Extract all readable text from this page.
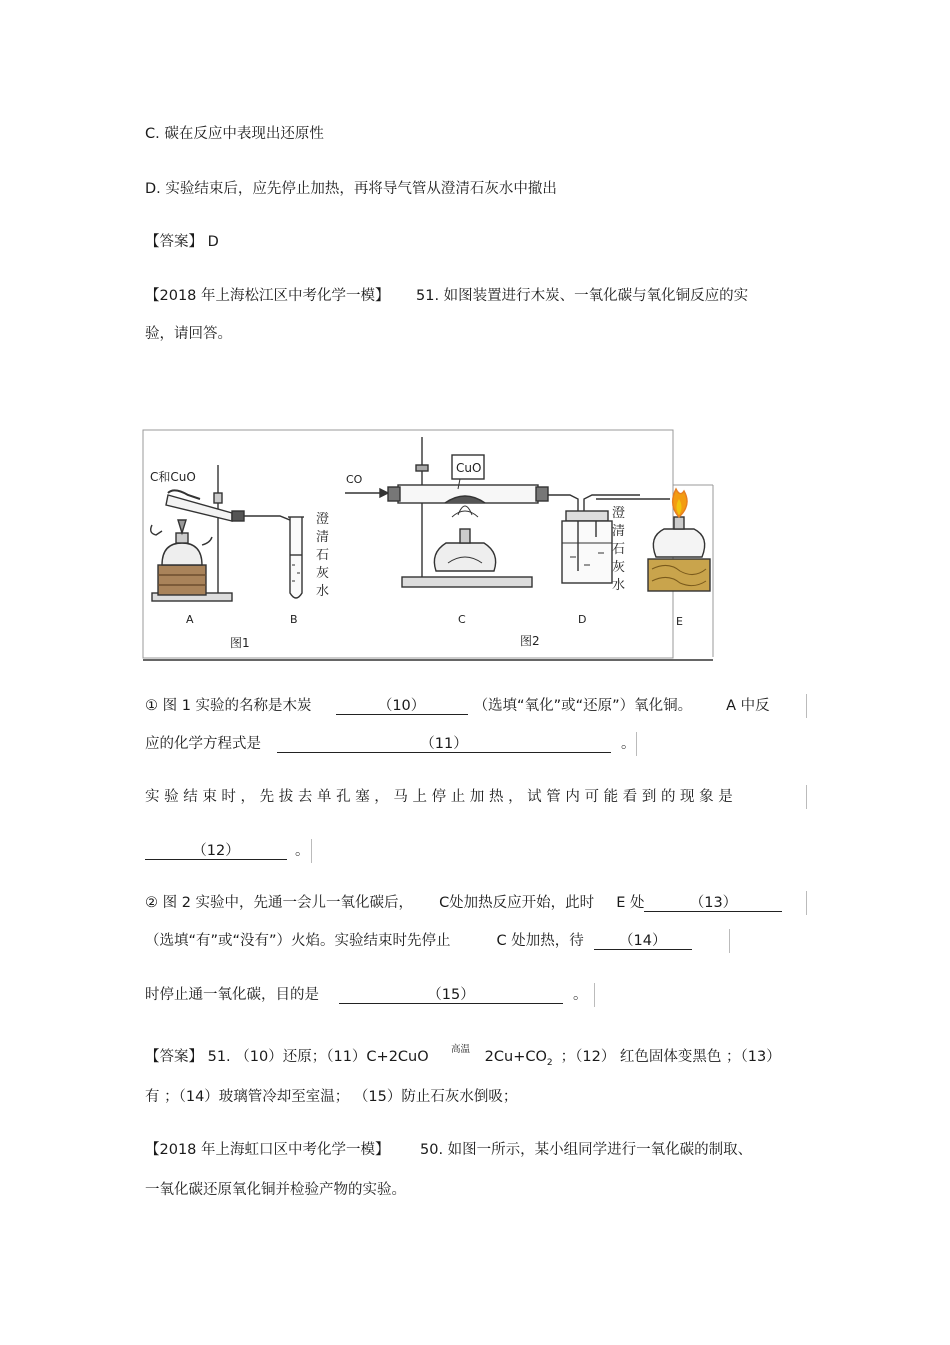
C. 碳在反应中表现出还原性
D. 实验结束后，应先停止加热，再将导气管从澄清石灰水中撤出
【答案】 D
【2018 年上海松江区中考化学一模】 51. 如图装置进行木炭、一氧化碳与氧化铜反应的实
验，请回答。
C和CuO	CO
CuO
澄清石灰水
澄清石灰水
A	B	C	D	E
图1	图2
① 图 1 实验的名称是木炭	（10）	（选填“氧化”或“还原”）氧化铜。 A 中反
应的化学方程式是	（11）	。
实 验 结 束 时 ， 先 拔 去 单 孔 塞 ， 马 上 停 止 加 热 ， 试 管 内 可 能 看 到 的 现 象 是
（12）	。
② 图 2 实验中，先通一会儿一氧化碳后， C处加热反应开始，此时 E 处	（13）
（选填“有”或“没有”）火焰。实验结束时先停止	C 处加热，待 （14）
时停止通一氧化碳，目的是	（15）	。
高温
【答案】 51. （10）还原；（11）C+2CuO	$2Cu+CO_2$ ；（12） 红色固体变黑色 ；（13）
有 ；（14）玻璃管冷却至室温； （15）防止石灰水倒吸；
【2018 年上海虹口区中考化学一模】 50. 如图一所示，某小组同学进行一氧化碳的制取、
一氧化碳还原氧化铜并检验产物的实验。
